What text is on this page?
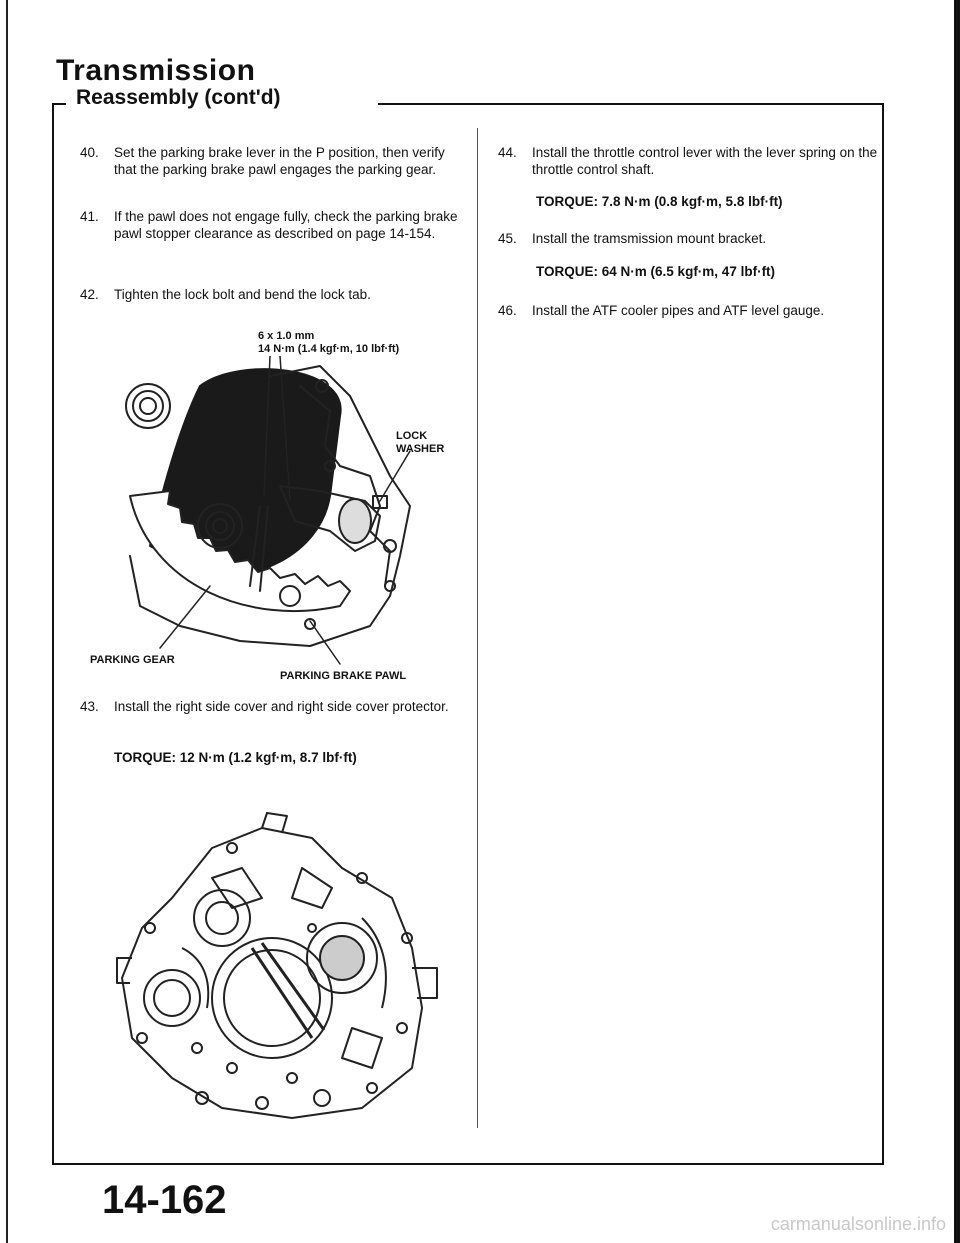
Transmission
Reassembly (cont'd)
40.	Set the parking brake lever in the P position, then verify that the parking brake pawl engages the parking gear.
41.	If the pawl does not engage fully, check the parking brake pawl stopper clearance as described on page 14-154.
42.	Tighten the lock bolt and bend the lock tab.
6 x 1.0 mm
14 N·m (1.4 kgf·m, 10 lbf·ft)
LOCK WASHER
PARKING GEAR
PARKING BRAKE PAWL
43.	Install the right side cover and right side cover protector.
TORQUE: 12 N·m (1.2 kgf·m, 8.7 lbf·ft)
44.	Install the throttle control lever with the lever spring on the throttle control shaft.
TORQUE: 7.8 N·m (0.8 kgf·m, 5.8 lbf·ft)
45.	Install the tramsmission mount bracket.
TORQUE: 64 N·m (6.5 kgf·m, 47 lbf·ft)
46.	Install the ATF cooler pipes and ATF level gauge.
14-162
carmanualsonline.info
